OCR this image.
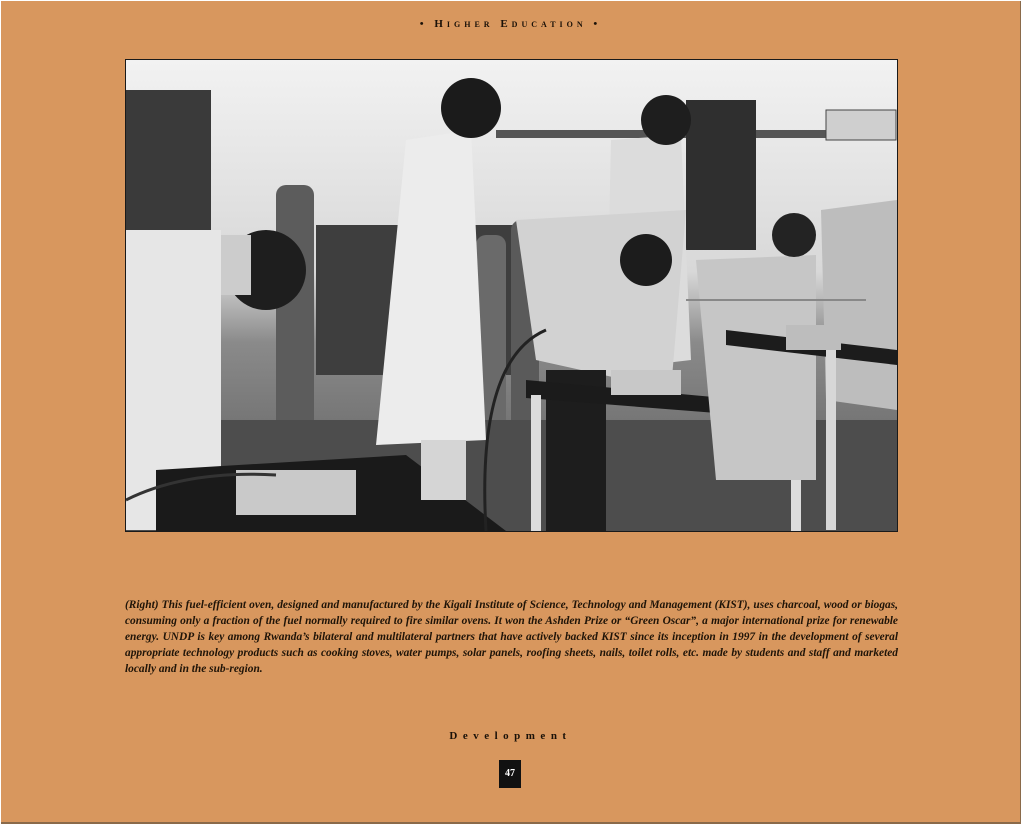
• Higher Education •
(Right) This fuel-efficient oven, designed and manufactured by the Kigali Institute of Science, Technology and Management (KIST), uses charcoal, wood or biogas, consuming only a fraction of the fuel normally required to fire similar ovens. It won the Ashden Prize or “Green Oscar”, a major international prize for renewable energy. UNDP is key among Rwanda’s bilateral and multilateral partners that have actively backed KIST since its inception in 1997 in the development of several appropriate technology products such as cooking stoves, water pumps, solar panels, roofing sheets, nails, toilet rolls, etc. made by students and staff and marketed locally and in the sub-region.
Development
47
